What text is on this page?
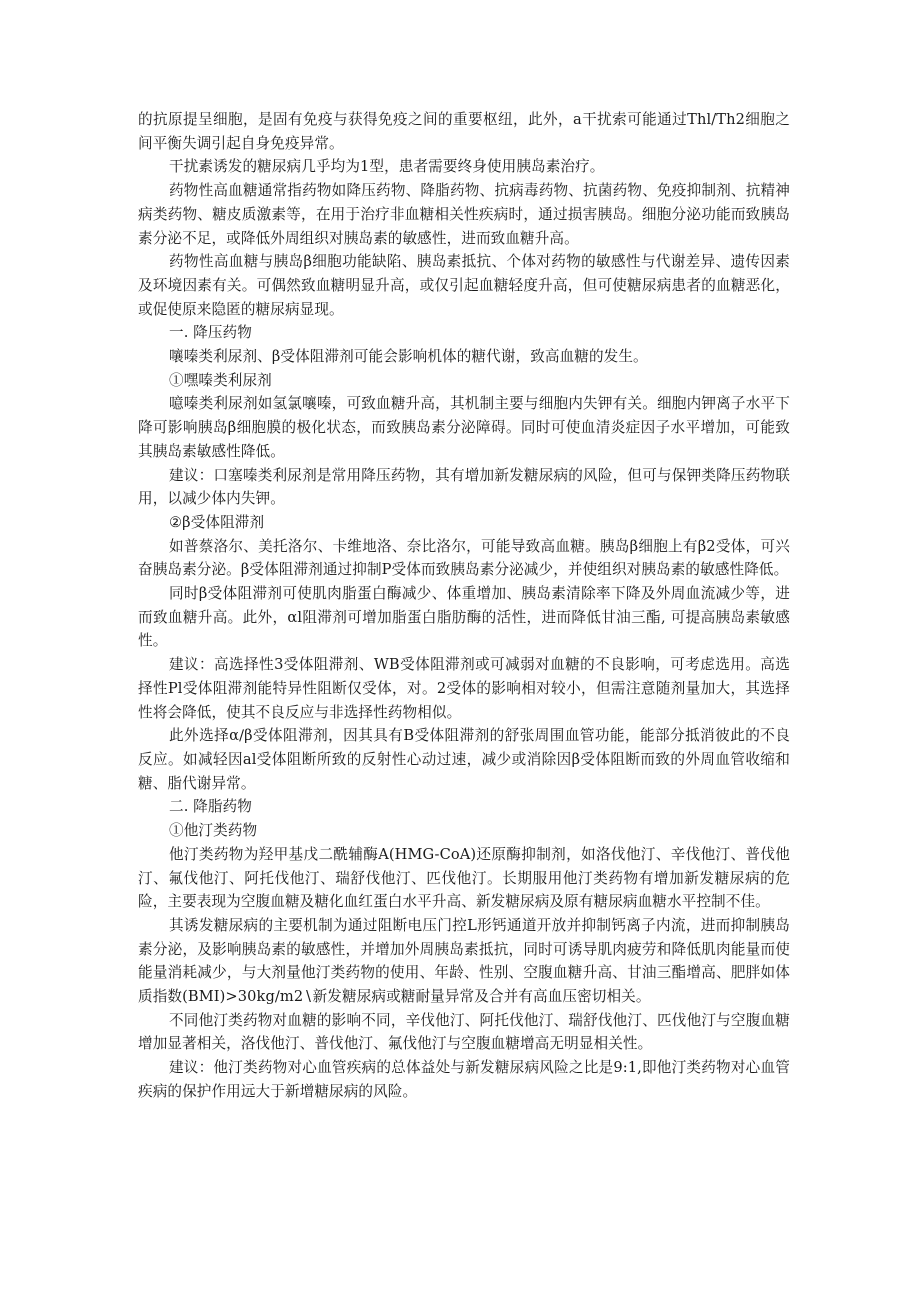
的抗原提呈细胞，是固有免疫与获得免疫之间的重要枢纽，此外，a干扰索可能通过Thl/Th2细胞之间平衡失调引起自身免疫异常。

干扰素诱发的糖尿病几乎均为1型，患者需要终身使用胰岛素治疗。

药物性高血糖通常指药物如降压药物、降脂药物、抗病毒药物、抗菌药物、免疫抑制剂、抗精神病类药物、糖皮质激素等，在用于治疗非血糖相关性疾病时，通过损害胰岛。细胞分泌功能而致胰岛素分泌不足，或降低外周组织对胰岛素的敏感性，进而致血糖升高。

药物性高血糖与胰岛β细胞功能缺陷、胰岛素抵抗、个体对药物的敏感性与代谢差异、遗传因素及环境因素有关。可偶然致血糖明显升高，或仅引起血糖轻度升高，但可使糖尿病患者的血糖恶化，或促使原来隐匿的糖尿病显现。

一. 降压药物

嚷嗪类利尿剂、β受体阻滞剂可能会影响机体的糖代谢，致高血糖的发生。

①嘿嗪类利尿剂

噫嗪类利尿剂如氢氯嚷嗪，可致血糖升高，其机制主要与细胞内失钾有关。细胞内钾离子水平下降可影响胰岛β细胞膜的极化状态，而致胰岛素分泌障碍。同时可使血清炎症因子水平增加，可能致其胰岛素敏感性降低。

建议：口塞嗪类利尿剂是常用降压药物，其有增加新发糖尿病的风险，但可与保钾类降压药物联用，以减少体内失钾。

②β受体阻滞剂

如普蔡洛尔、美托洛尔、卡维地洛、奈比洛尔，可能导致高血糖。胰岛β细胞上有β2受体，可兴奋胰岛素分泌。β受体阻滞剂通过抑制P受体而致胰岛素分泌减少，并使组织对胰岛素的敏感性降低。

同时β受体阻滞剂可使肌肉脂蛋白酶减少、体重增加、胰岛素清除率下降及外周血流减少等，进而致血糖升高。此外，αl阻滞剂可增加脂蛋白脂肪酶的活性，进而降低甘油三酯, 可提高胰岛素敏感性。

建议：高选择性3受体阻滞剂、WB受体阻滞剂或可减弱对血糖的不良影响，可考虑选用。高选择性Pl受体阻滞剂能特异性阻断仅受体，对。2受体的影响相对较小，但需注意随剂量加大，其选择性将会降低，使其不良反应与非选择性药物相似。

此外选择α∕β受体阻滞剂，因其具有B受体阻滞剂的舒张周围血管功能，能部分抵消彼此的不良反应。如减轻因al受体阻断所致的反射性心动过速，减少或消除因β受体阻断而致的外周血管收缩和糖、脂代谢异常。

二. 降脂药物

①他汀类药物

他汀类药物为羟甲基戊二酰辅酶A(HMG-CoA)还原酶抑制剂，如洛伐他汀、辛伐他汀、普伐他汀、氟伐他汀、阿托伐他汀、瑞舒伐他汀、匹伐他汀。长期服用他汀类药物有增加新发糖尿病的危险，主要表现为空腹血糖及糖化血红蛋白水平升高、新发糖尿病及原有糖尿病血糖水平控制不佳。

其诱发糖尿病的主要机制为通过阻断电压门控L形钙通道开放并抑制钙离子内流，进而抑制胰岛素分泌，及影响胰岛素的敏感性，并增加外周胰岛素抵抗，同时可诱导肌肉疲劳和降低肌肉能量而使能量消耗减少，与大剂量他汀类药物的使用、年龄、性别、空腹血糖升高、甘油三酯增高、肥胖如体质指数(BMI)>30kg∕m2∖新发糖尿病或糖耐量异常及合并有高血压密切相关。

不同他汀类药物对血糖的影响不同，辛伐他汀、阿托伐他汀、瑞舒伐他汀、匹伐他汀与空腹血糖增加显著相关，洛伐他汀、普伐他汀、氟伐他汀与空腹血糖增高无明显相关性。

建议：他汀类药物对心血管疾病的总体益处与新发糖尿病风险之比是9:1,即他汀类药物对心血管疾病的保护作用远大于新增糖尿病的风险。
